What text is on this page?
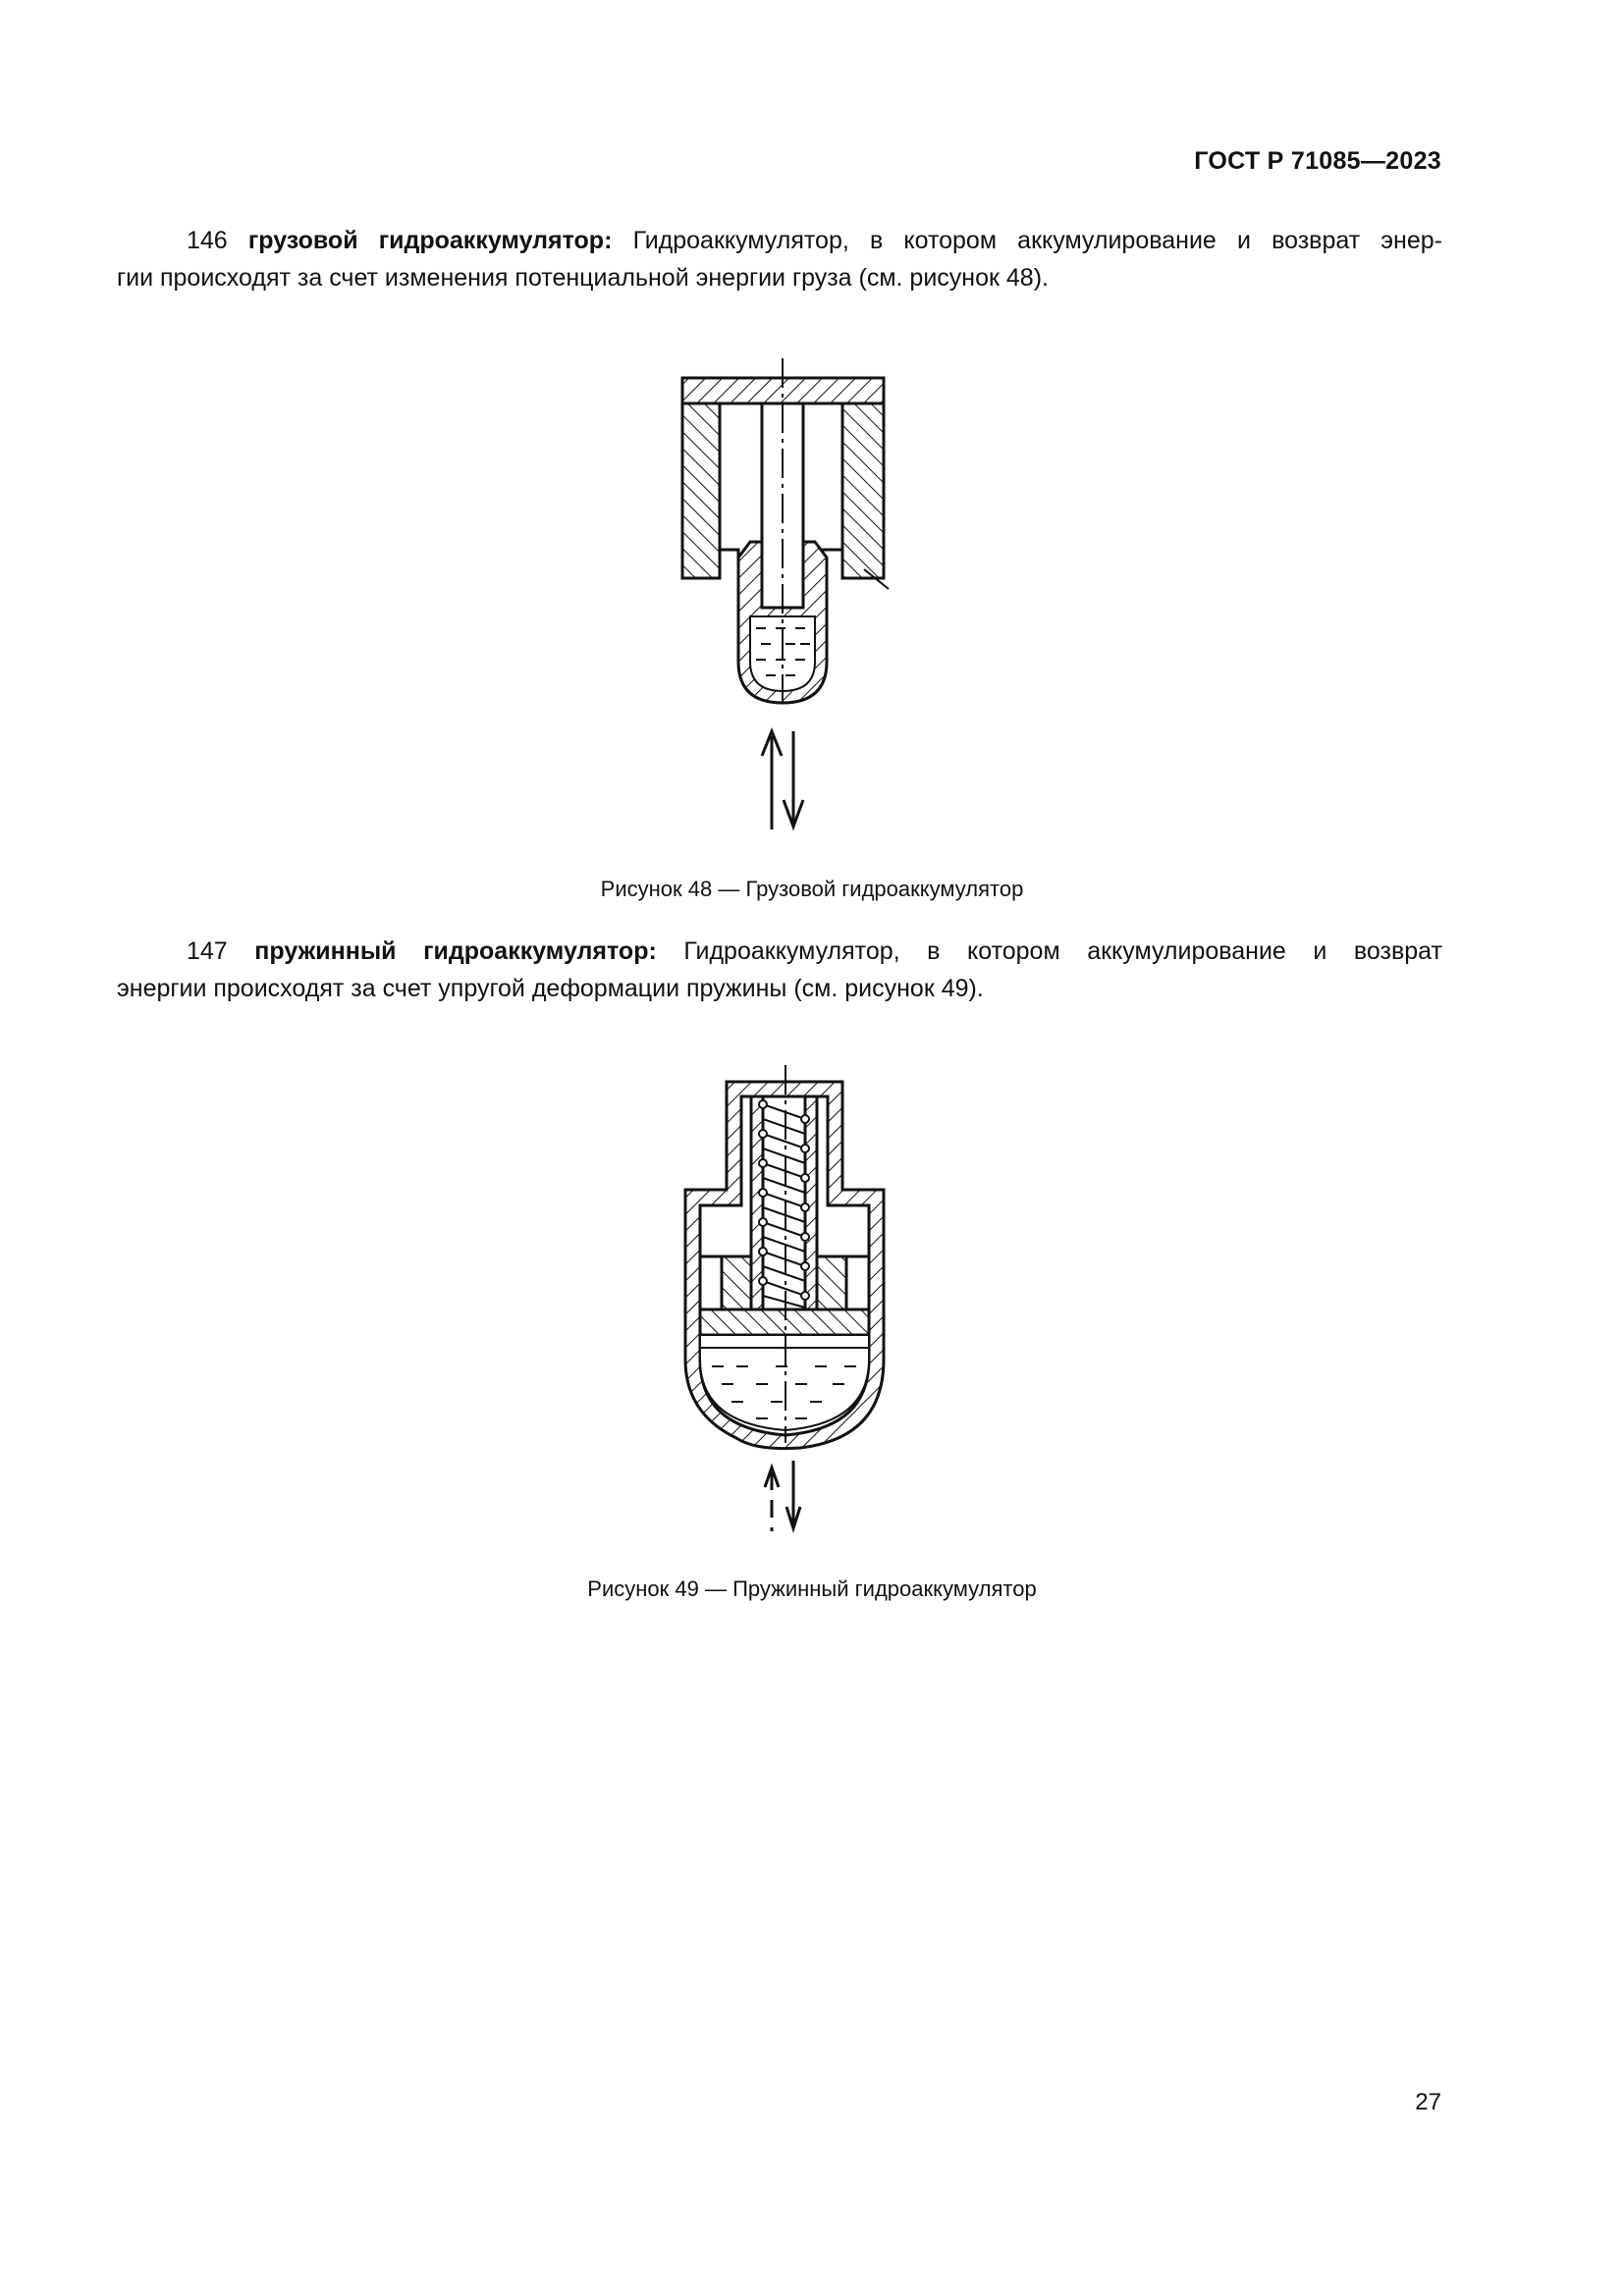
ГОСТ Р 71085—2023
146 грузовой гидроаккумулятор: Гидроаккумулятор, в котором аккумулирование и возврат энер-
гии происходят за счет изменения потенциальной энергии груза (см. рисунок 48).
Рисунок 48 — Грузовой гидроаккумулятор
147 пружинный гидроаккумулятор: Гидроаккумулятор, в котором аккумулирование и возврат
энергии происходят за счет упругой деформации пружины (см. рисунок 49).
Рисунок 49 — Пружинный гидроаккумулятор
27
